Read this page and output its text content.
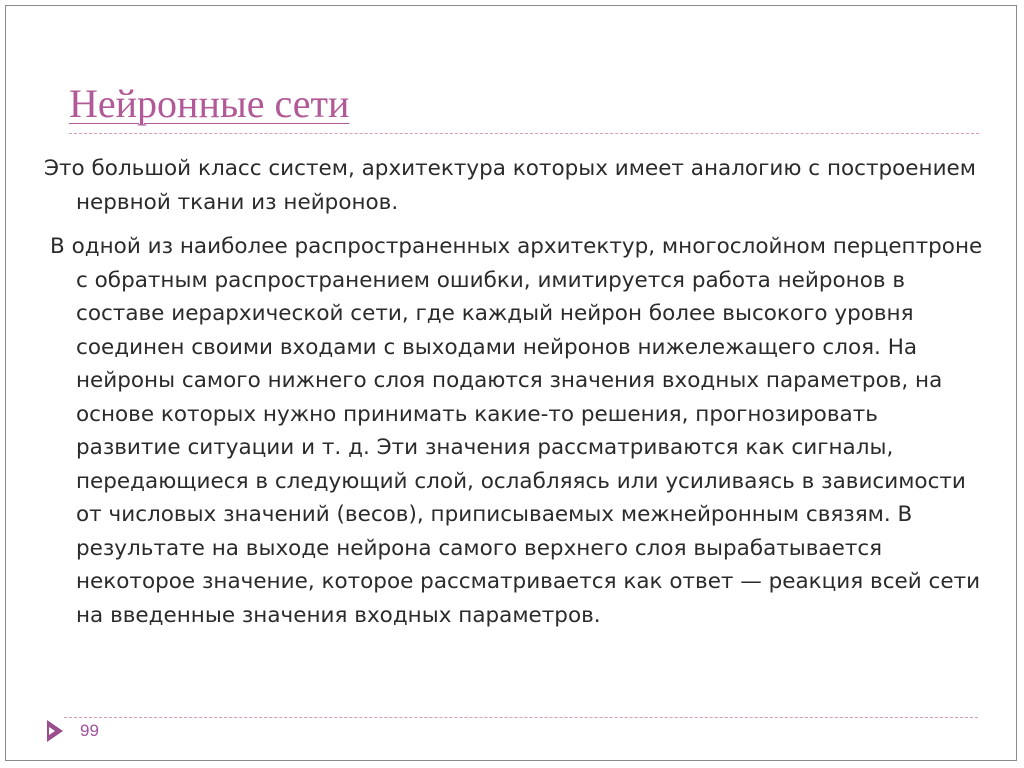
Нейронные сети

Это большой класс систем, архитектура которых имеет аналогию с построением нервной ткани из нейронов.

В одной из наиболее распространенных архитектур, многослойном перцептроне с обратным распространением ошибки, имитируется работа нейронов в составе иерархической сети, где каждый нейрон более высокого уровня соединен своими входами с выходами нейронов нижележащего слоя. На нейроны самого нижнего слоя подаются значения входных параметров, на основе которых нужно принимать какие-то решения, прогнозировать развитие ситуации и т. д. Эти значения рассматриваются как сигналы, передающиеся в следующий слой, ослабляясь или усиливаясь в зависимости от числовых значений (весов), приписываемых межнейронным связям. В результате на выходе нейрона самого верхнего слоя вырабатывается некоторое значение, которое рассматривается как ответ — реакция всей сети на введенные значения входных параметров.

99
